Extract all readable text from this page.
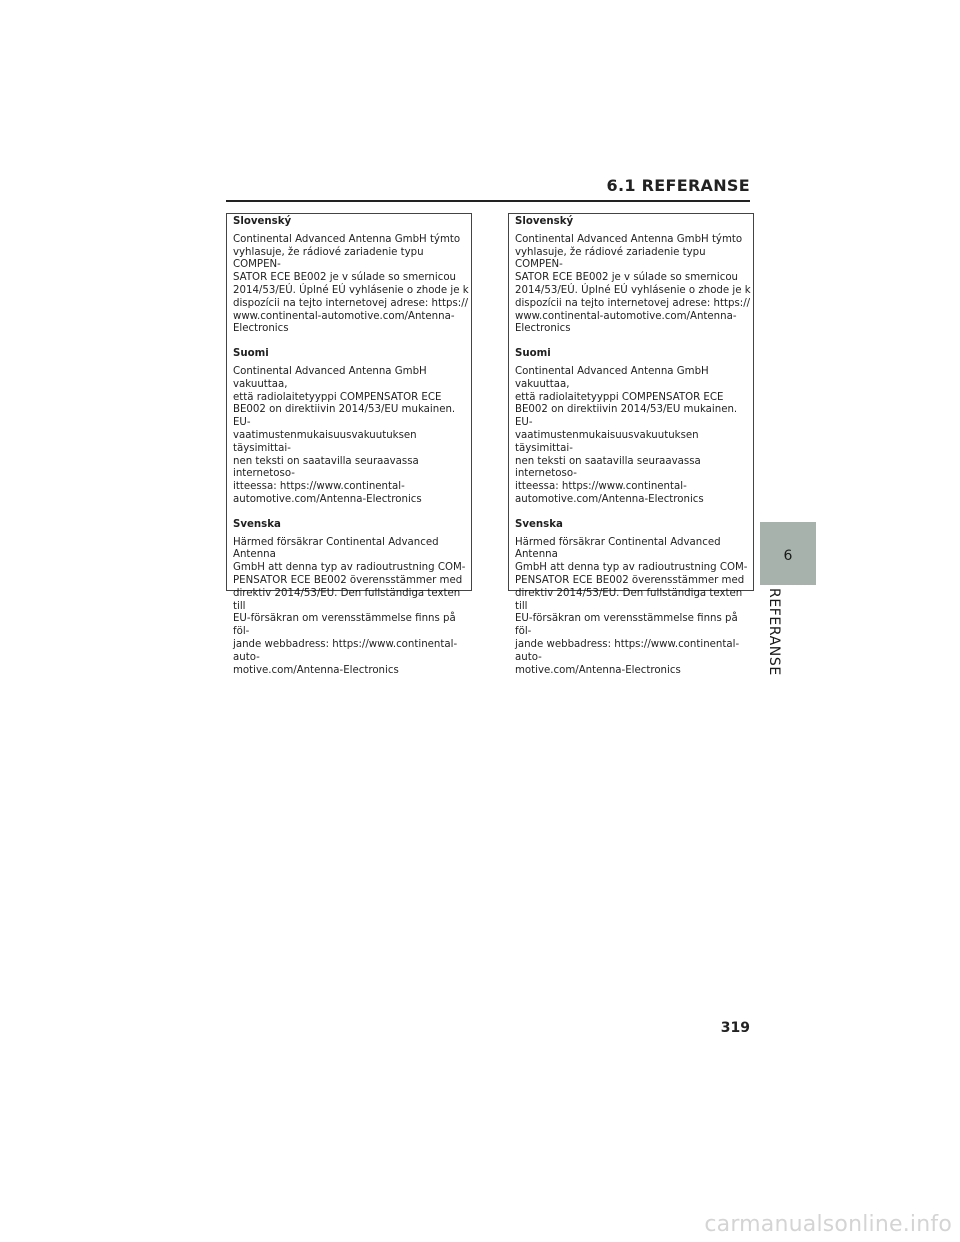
6.1 REFERANSE
Slovenský
Continental Advanced Antenna GmbH týmto
vyhlasuje, že rádiové zariadenie typu COMPEN-
SATOR ECE BE002 je v súlade so smernicou
2014/53/EÚ. Úplné EÚ vyhlásenie o zhode je k
dispozícii na tejto internetovej adrese: https://
www.continental-automotive.com/Antenna-
Electronics
Suomi
Continental Advanced Antenna GmbH vakuuttaa,
että radiolaitetyyppi COMPENSATOR ECE
BE002 on direktiivin 2014/53/EU mukainen. EU-
vaatimustenmukaisuusvakuutuksen täysimittai-
nen teksti on saatavilla seuraavassa internetoso-
itteessa: https://www.continental-
automotive.com/Antenna-Electronics
Svenska
Härmed försäkrar Continental Advanced Antenna
GmbH att denna typ av radioutrustning COM-
PENSATOR ECE BE002 överensstämmer med
direktiv 2014/53/EU. Den fullständiga texten till
EU-försäkran om verensstämmelse finns på föl-
jande webbadress: https://www.continental-auto-
motive.com/Antenna-Electronics
Slovenský
Continental Advanced Antenna GmbH týmto
vyhlasuje, že rádiové zariadenie typu COMPEN-
SATOR ECE BE002 je v súlade so smernicou
2014/53/EÚ. Úplné EÚ vyhlásenie o zhode je k
dispozícii na tejto internetovej adrese: https://
www.continental-automotive.com/Antenna-
Electronics
Suomi
Continental Advanced Antenna GmbH vakuuttaa,
että radiolaitetyyppi COMPENSATOR ECE
BE002 on direktiivin 2014/53/EU mukainen. EU-
vaatimustenmukaisuusvakuutuksen täysimittai-
nen teksti on saatavilla seuraavassa internetoso-
itteessa: https://www.continental-
automotive.com/Antenna-Electronics
Svenska
Härmed försäkrar Continental Advanced Antenna
GmbH att denna typ av radioutrustning COM-
PENSATOR ECE BE002 överensstämmer med
direktiv 2014/53/EU. Den fullständiga texten till
EU-försäkran om verensstämmelse finns på föl-
jande webbadress: https://www.continental-auto-
motive.com/Antenna-Electronics
6
REFERANSE
319
carmanualsonline.info
